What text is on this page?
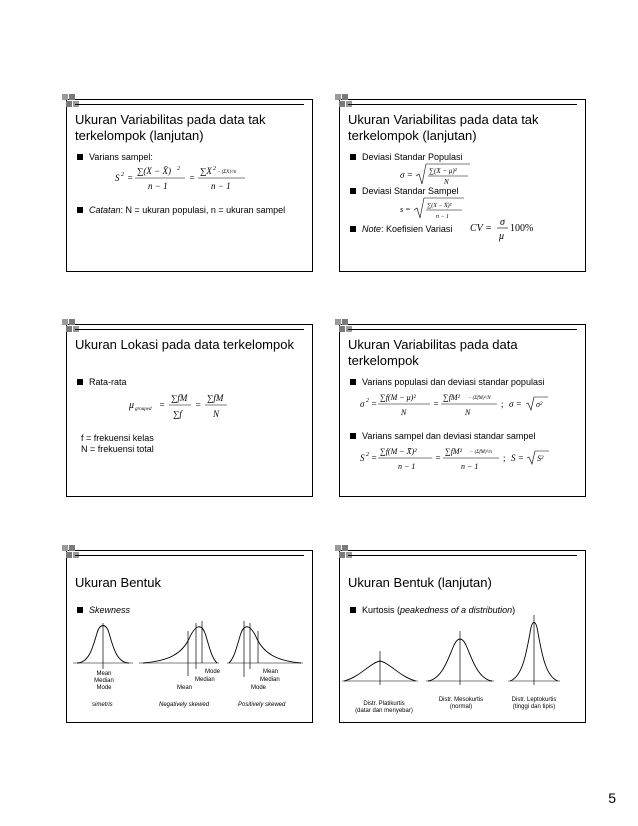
Ukuran Variabilitas pada data tak terkelompok (lanjutan)
Varians sampel:
S 2 =
∑(X − X̄) 2
n − 1
=
∑X 2
− (ΣX)²/n
n − 1
Catatan: N = ukuran populasi, n = ukuran sampel
Ukuran Variabilitas pada data tak terkelompok (lanjutan)
Deviasi Standar Populasi
σ = ∑(X − μ)²
N
Deviasi Standar Sampel
s =	∑(X − X̄)²
n − 1
Note: Koefisien Variasi	CV =
σ
μ
100%
Ukuran Lokasi pada data terkelompok
Rata-rata
μ grouped =
∑fM
∑f
=
∑fM
N
f = frekuensi kelas
N = frekuensi total
Ukuran Variabilitas pada data terkelompok
Varians populasi dan deviasi standar populasi
σ 2 =
∑f(M − μ)²
N
=
∑fM² − (ΣfM)²/N
N
; σ = σ²
Varians sampel dan deviasi standar sampel
S 2 =
∑f(M − X̄)²
n − 1
=
∑fM² − (ΣfM)²/n
n − 1
; S = S²
Ukuran Bentuk
Skewness
Mean
Median
Mode
simetris
Mode
Median
Mean
Negatively skewed
Mean
Median
Mode
Positively skewed
Ukuran Bentuk (lanjutan)
Kurtosis (peakedness of a distribution)
Distr. Platikurtis
(datar dan menyebar)
Distr. Mesokurtis
(normal)
Distr. Leptokurtis
(tinggi dan tipis)
5
